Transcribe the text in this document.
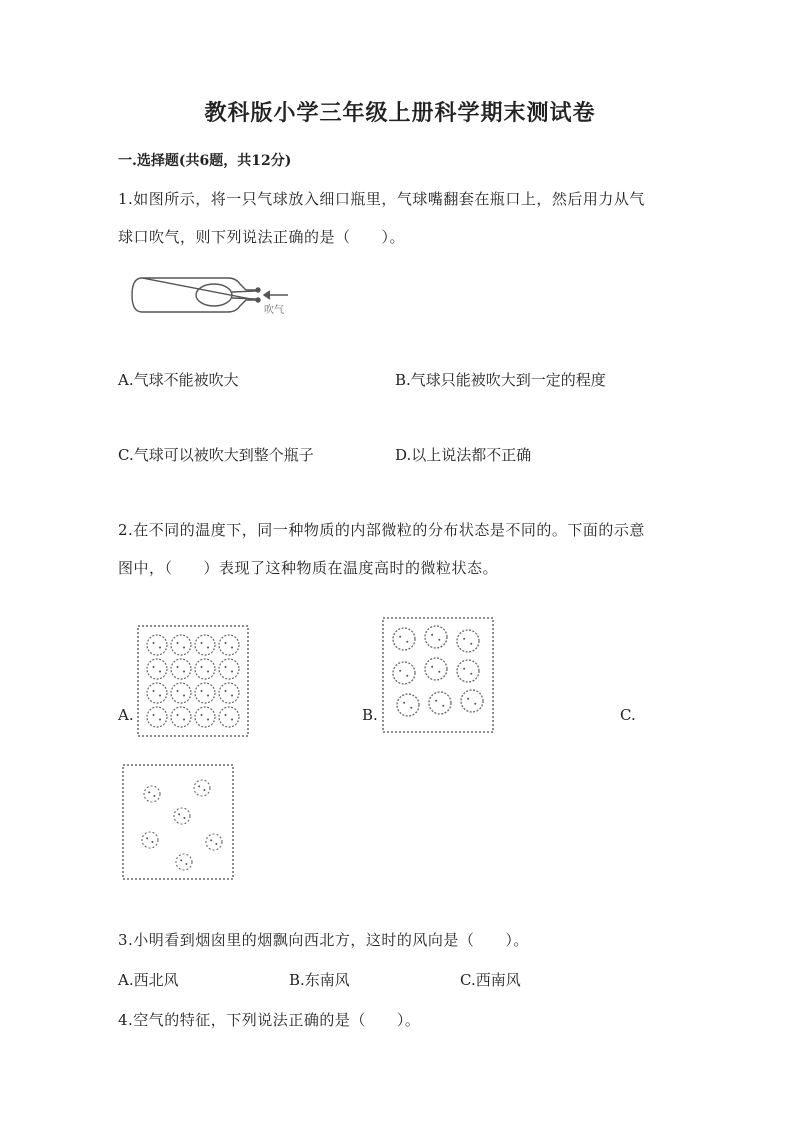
教科版小学三年级上册科学期末测试卷
一.选择题(共6题，共12分)
1.如图所示，将一只气球放入细口瓶里，气球嘴翻套在瓶口上，然后用力从气
球口吹气，则下列说法正确的是（　　）。
吹气
A.气球不能被吹大	B.气球只能被吹大到一定的程度
C.气球可以被吹大到整个瓶子	D.以上说法都不正确
2.在不同的温度下，同一种物质的内部微粒的分布状态是不同的。下面的示意
图中，（　　）表现了这种物质在温度高时的微粒状态。
A.	B.	C.
3.小明看到烟囱里的烟飘向西北方，这时的风向是（　　）。
A.西北风	B.东南风	C.西南风
4.空气的特征，下列说法正确的是（　　）。
